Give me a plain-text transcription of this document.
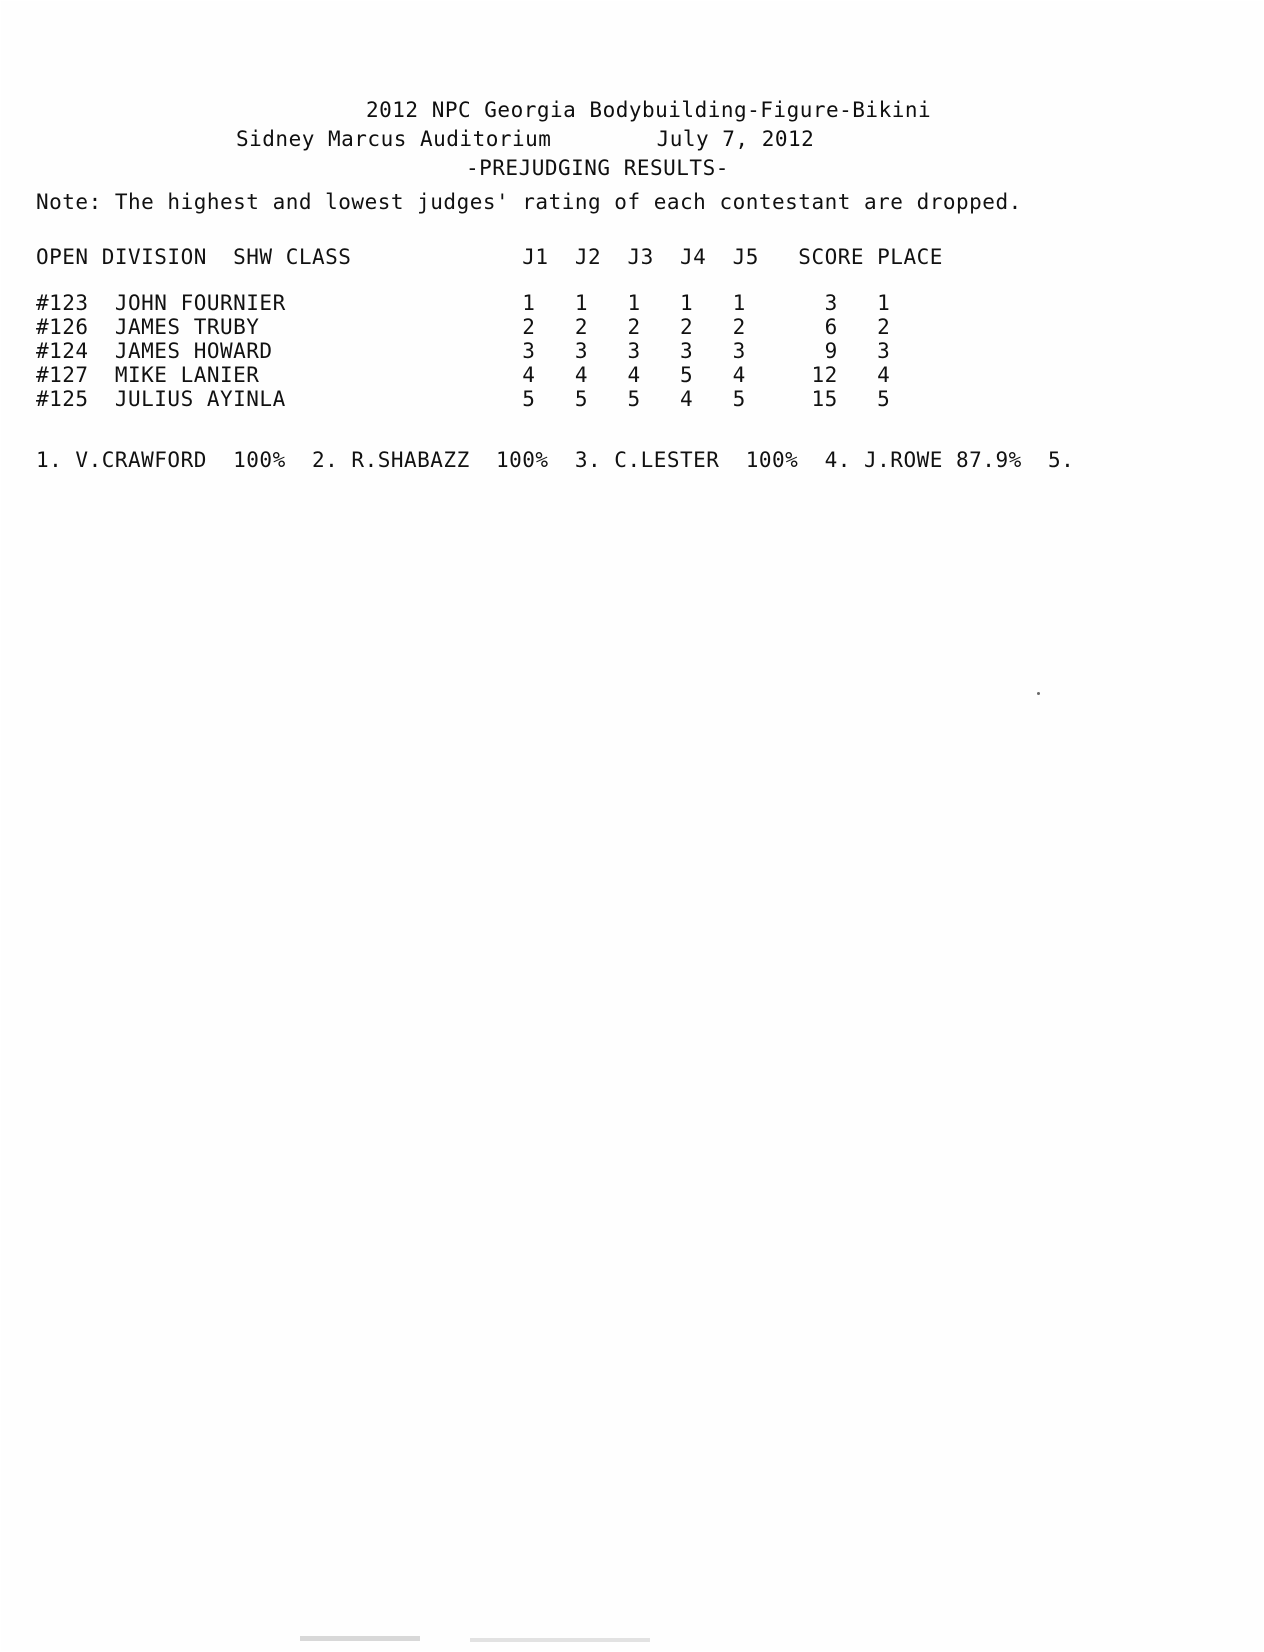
2012 NPC Georgia Bodybuilding-Figure-Bikini
Sidney Marcus Auditorium        July 7, 2012
-PREJUDGING RESULTS-
Note: The highest and lowest judges' rating of each contestant are dropped.
OPEN DIVISION  SHW CLASS             J1  J2  J3  J4  J5   SCORE PLACE
#123  JOHN FOURNIER                  1   1   1   1   1      3   1
#126  JAMES TRUBY                    2   2   2   2   2      6   2
#124  JAMES HOWARD                   3   3   3   3   3      9   3
#127  MIKE LANIER                    4   4   4   5   4     12   4
#125  JULIUS AYINLA                  5   5   5   4   5     15   5
1. V.CRAWFORD  100%  2. R.SHABAZZ  100%  3. C.LESTER  100%  4. J.ROWE 87.9%  5.
